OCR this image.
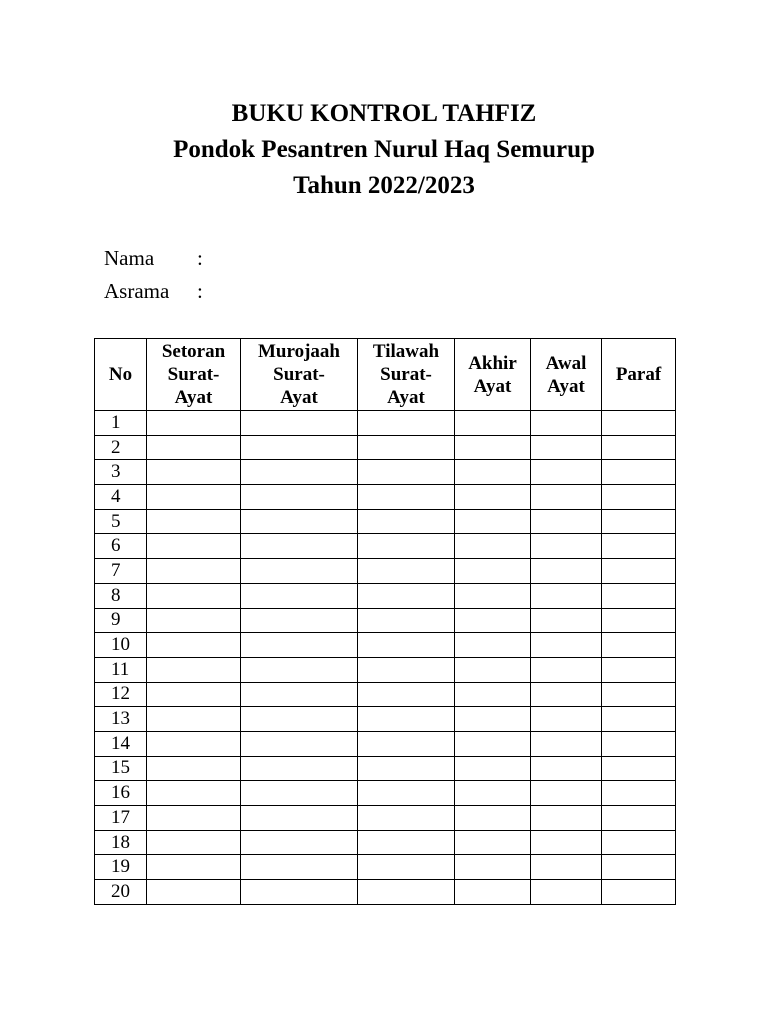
BUKU KONTROL TAHFIZ
Pondok Pesantren Nurul Haq Semurup
Tahun 2022/2023
Nama :
Asrama :
No	Setoran
Surat-
Ayat	Murojaah
Surat-
Ayat	Tilawah
Surat-
Ayat	Akhir
Ayat	Awal
Ayat	Paraf

1						
2						
3						
4						
5						
6						
7						
8						
9						
10						
11						
12						
13						
14						
15						
16						
17						
18						
19						
20						
